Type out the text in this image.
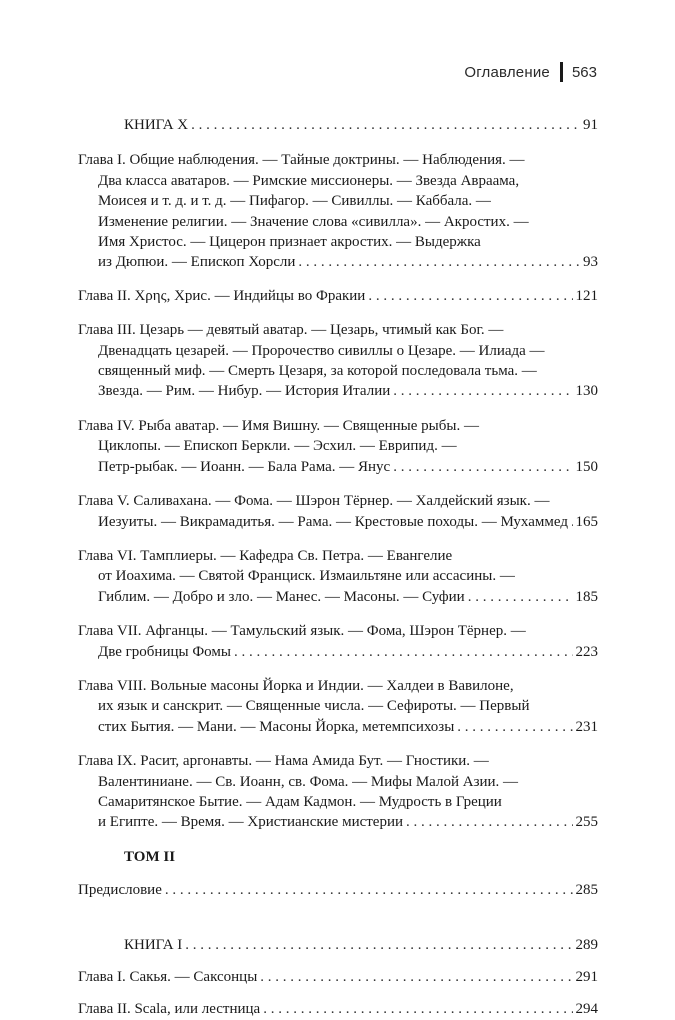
Оглавление 563
КНИГА X . . .	91
Глава I. Общие наблюдения. — Тайные доктрины. — Наблюдения. —
Два класса аватаров. — Римские миссионеры. — Звезда Авраама,
Моисея и т. д. и т. д. — Пифагор. — Сивиллы. — Каббала. —
Изменение религии. — Значение слова «сивилла». — Акростих. —
Имя Христос. — Цицерон признает акростих. — Выдержка
из Дюпюи. — Епископ Хорсли . . .	93
Глава II. Χρης, Хрис. — Индийцы во Фракии . . .	121
Глава III. Цезарь — девятый аватар. — Цезарь, чтимый как Бог. —
Двенадцать цезарей. — Пророчество сивиллы о Цезаре. — Илиада —
священный миф. — Смерть Цезаря, за которой последовала тьма. —
Звезда. — Рим. — Нибур. — История Италии . . .	130
Глава IV. Рыба аватар. — Имя Вишну. — Священные рыбы. —
Циклопы. — Епископ Беркли. — Эсхил. — Еврипид. —
Петр-рыбак. — Иоанн. — Бала Рама. — Янус . . .	150
Глава V. Саливахана. — Фома. — Шэрон Тёрнер. — Халдейский язык. —
Иезуиты. — Викрамадитья. — Рама. — Крестовые походы. — Мухаммед . . . 165
Глава VI. Тамплиеры. — Кафедра Св. Петра. — Евангелие
от Иоахима. — Святой Франциск. Измаильтяне или ассасины. —
Гиблим. — Добро и зло. — Манес. — Масоны. — Суфии . . .	185
Глава VII. Афганцы. — Тамульский язык. — Фома, Шэрон Тёрнер. —
Две гробницы Фомы . . .	223
Глава VIII. Вольные масоны Йорка и Индии. — Халдеи в Вавилоне,
их язык и санскрит. — Священные числа. — Сефироты. — Первый
стих Бытия. — Мани. — Масоны Йорка, метемпсихозы . . .	231
Глава IX. Расит, аргонавты. — Нама Амида Бут. — Гностики. —
Валентиниане. — Св. Иоанн, св. Фома. — Мифы Малой Азии. —
Самаритянское Бытие. — Адам Кадмон. — Мудрость в Греции
и Египте. — Время. — Христианские мистерии . . .	255
ТОМ II
Предисловие . . .	285
КНИГА I . . .	289
Глава I. Сакья. — Саксонцы . . .	291
Глава II. Scala, или лестница . . .	294
